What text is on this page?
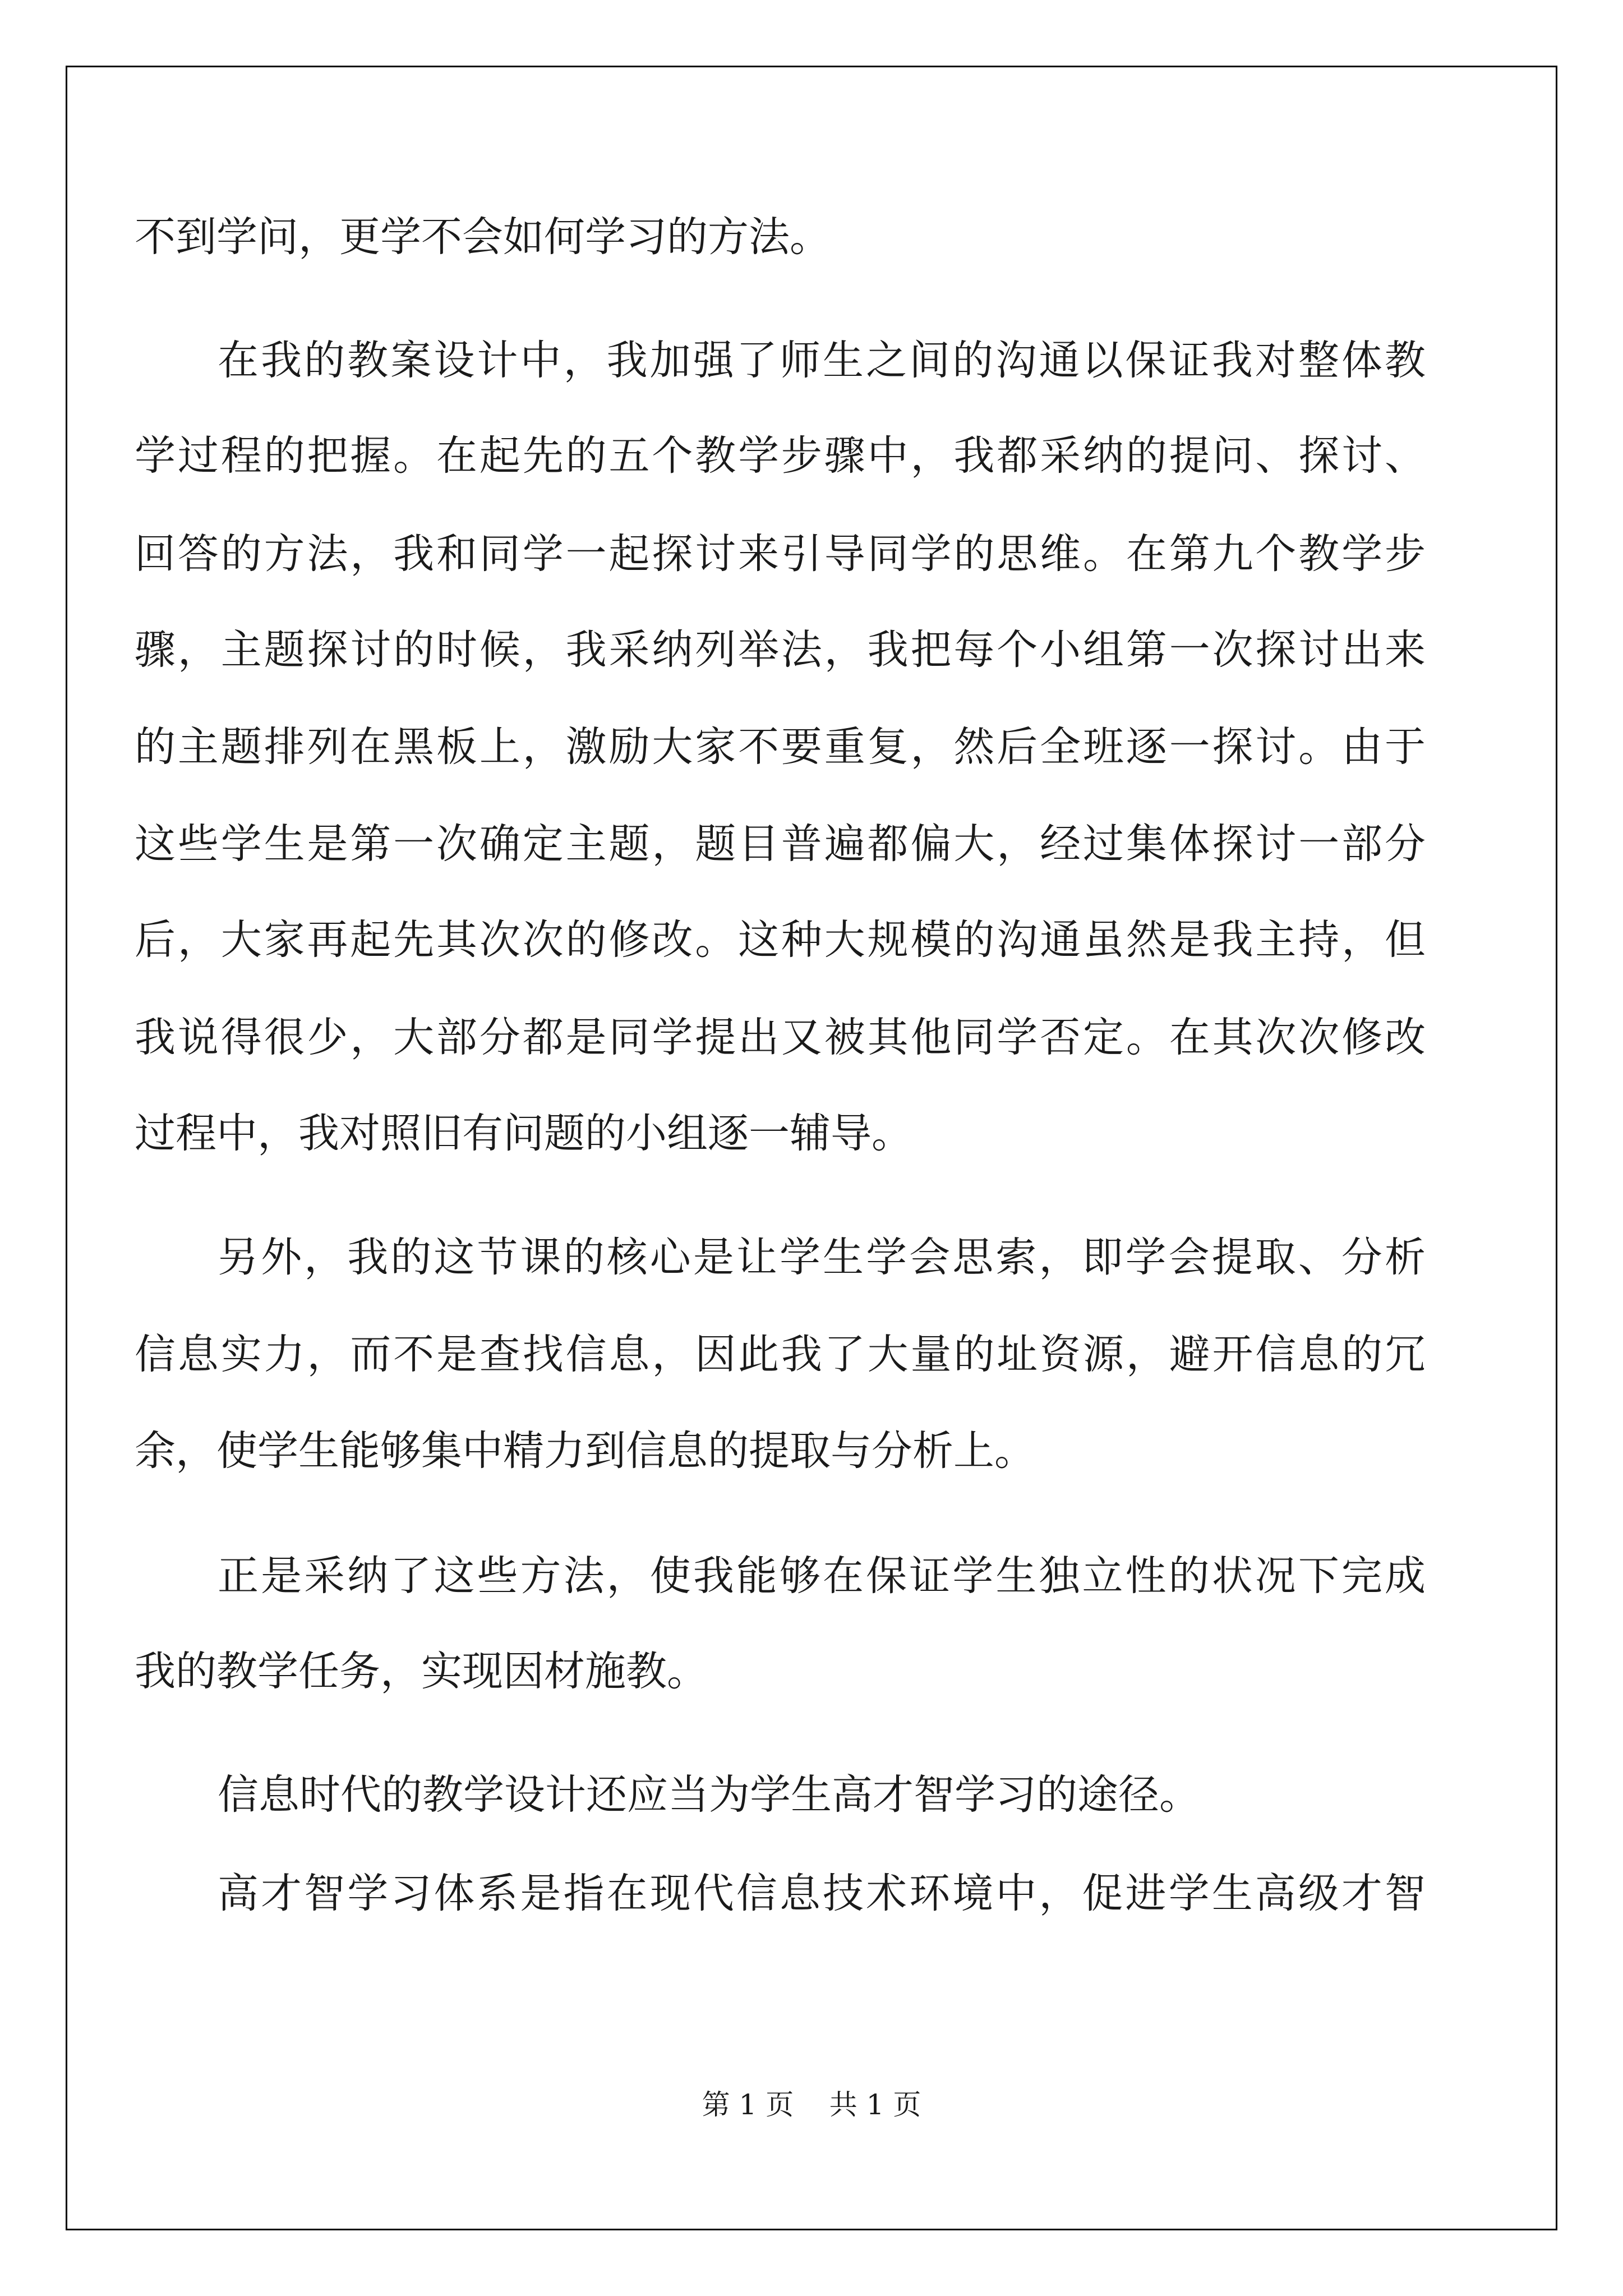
不到学问，更学不会如何学习的方法。

在我的教案设计中，我加强了师生之间的沟通以保证我对整体教

学过程的把握。在起先的五个教学步骤中，我都采纳的提问、探讨、

回答的方法，我和同学一起探讨来引导同学的思维。在第九个教学步

骤，主题探讨的时候，我采纳列举法，我把每个小组第一次探讨出来

的主题排列在黑板上，激励大家不要重复，然后全班逐一探讨。由于

这些学生是第一次确定主题，题目普遍都偏大，经过集体探讨一部分

后，大家再起先其次次的修改。这种大规模的沟通虽然是我主持，但

我说得很少，大部分都是同学提出又被其他同学否定。在其次次修改

过程中，我对照旧有问题的小组逐一辅导。

另外，我的这节课的核心是让学生学会思索，即学会提取、分析

信息实力，而不是查找信息，因此我了大量的址资源，避开信息的冗

余，使学生能够集中精力到信息的提取与分析上。

正是采纳了这些方法，使我能够在保证学生独立性的状况下完成

我的教学任务，实现因材施教。

信息时代的教学设计还应当为学生高才智学习的途径。

高才智学习体系是指在现代信息技术环境中，促进学生高级才智

第 1 页    共 1 页
